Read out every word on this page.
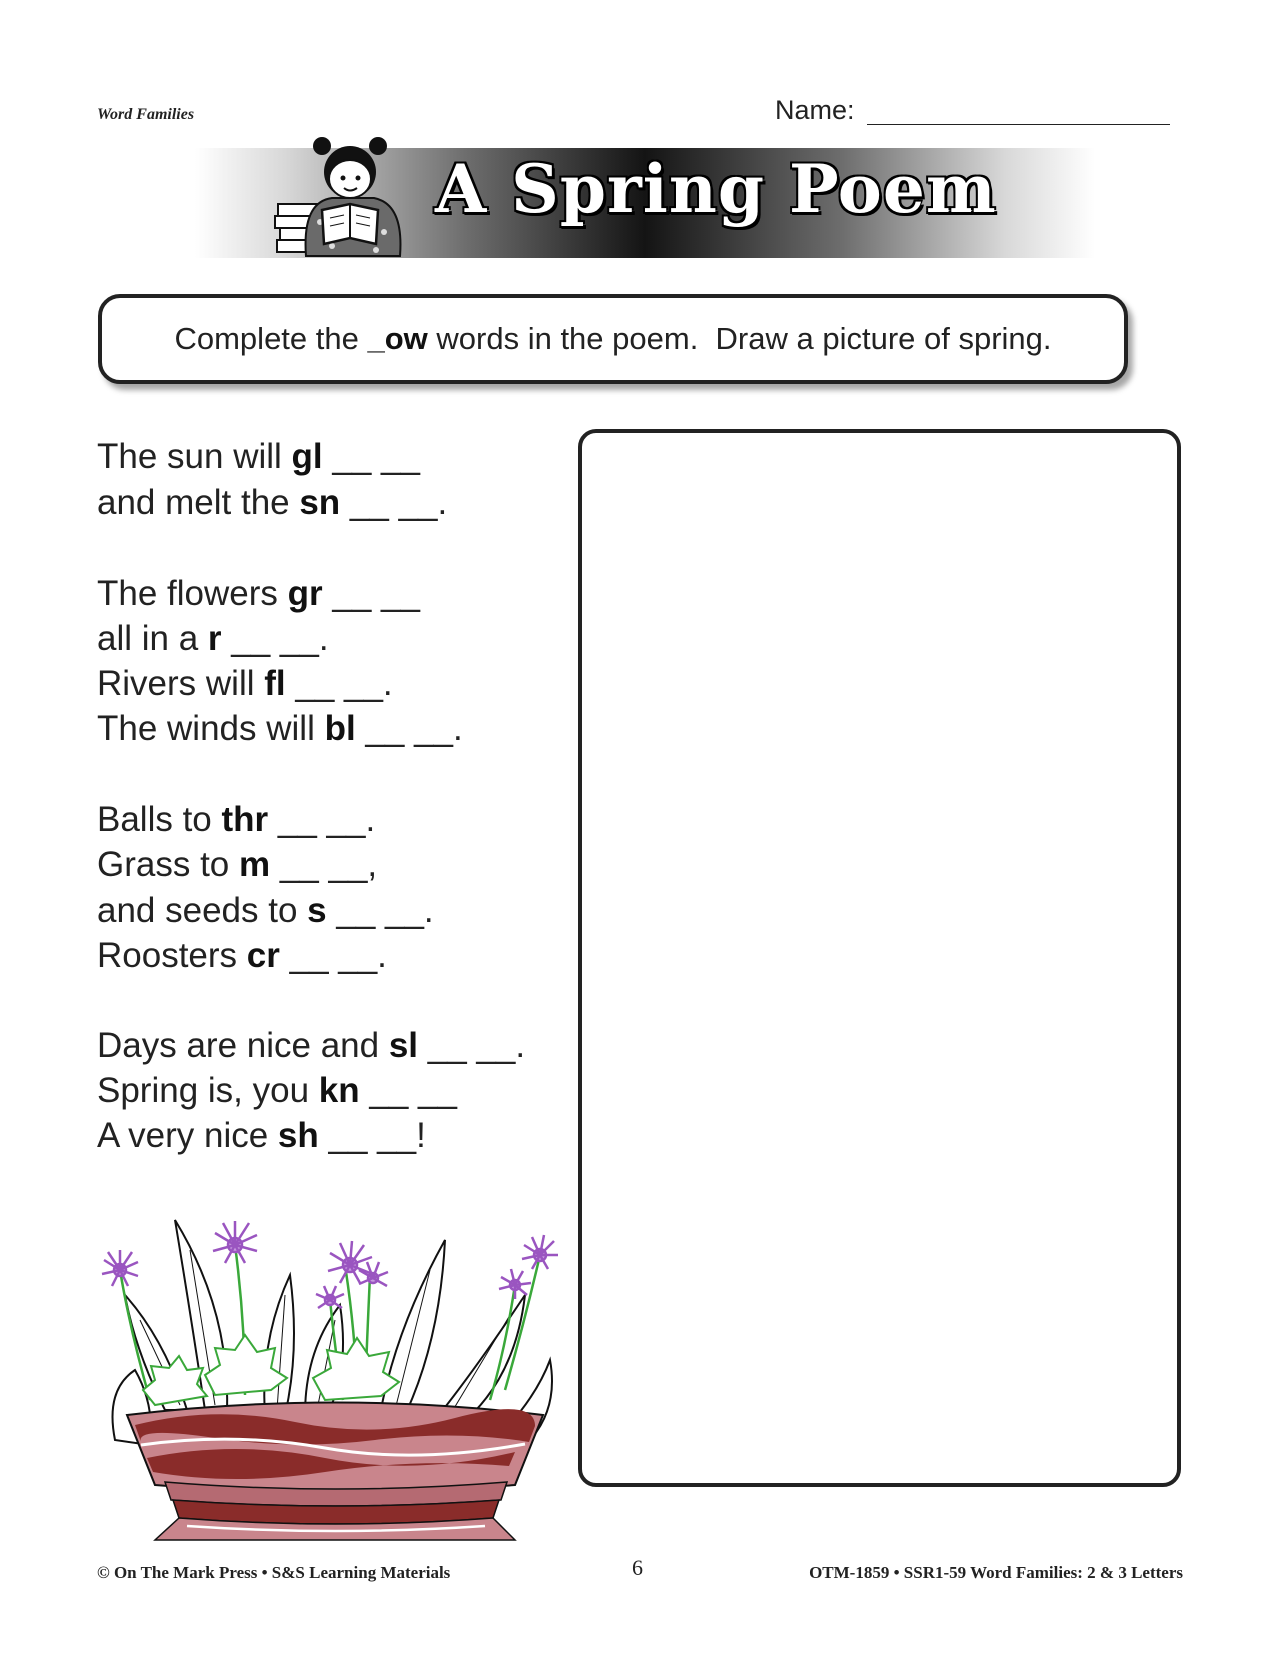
Word Families	Name:
A Spring Poem
Complete the _ow words in the poem.  Draw a picture of spring.
The sun will gl __ __
and melt the sn __ __.
The flowers gr __ __
all in a r __ __.
Rivers will fl __ __.
The winds will bl __ __.
Balls to thr __ __.
Grass to m __ __,
and seeds to s __ __.
Roosters cr __ __.
Days are nice and sl __ __.
Spring is, you kn __ __
A very nice sh __ __!
© On The Mark Press • S&S Learning Materials	6	OTM-1859 • SSR1-59 Word Families: 2 & 3 Letters
